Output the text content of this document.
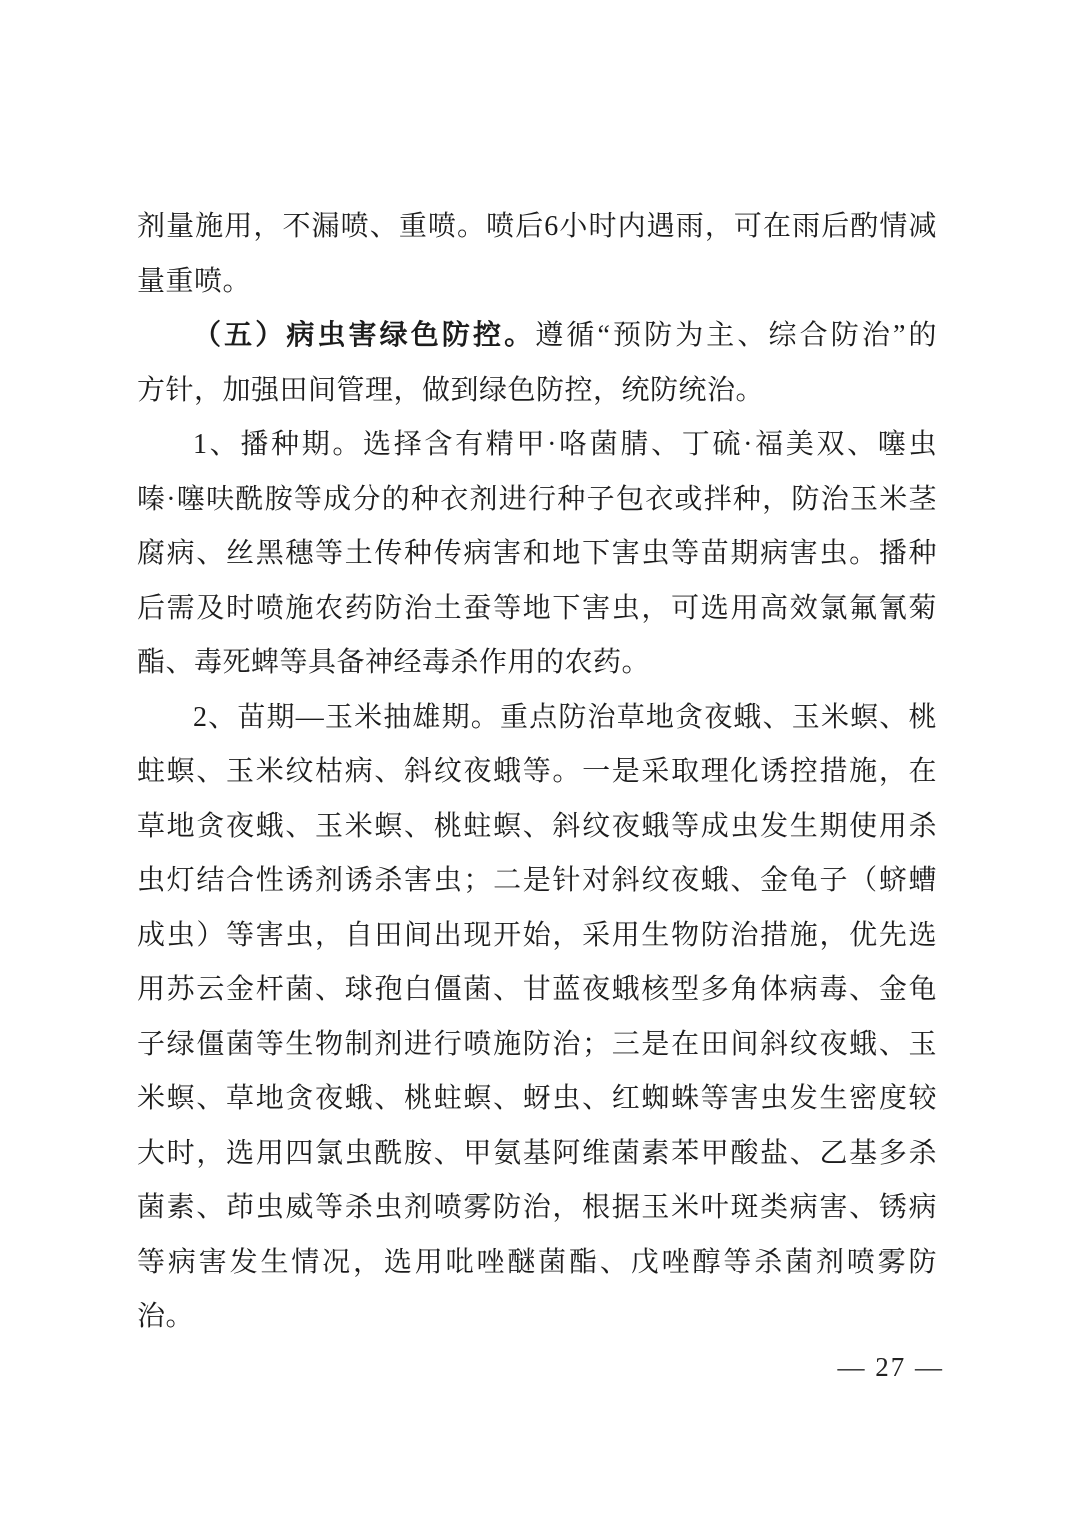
剂量施用，不漏喷、重喷。喷后6小时内遇雨，可在雨后酌情减
量重喷。
（五）病虫害绿色防控。遵循“预防为主、综合防治”的
方针，加强田间管理，做到绿色防控，统防统治。
1、播种期。选择含有精甲·咯菌腈、丁硫·福美双、噻虫
嗪·噻呋酰胺等成分的种衣剂进行种子包衣或拌种，防治玉米茎
腐病、丝黑穗等土传种传病害和地下害虫等苗期病害虫。播种
后需及时喷施农药防治土蚕等地下害虫，可选用高效氯氟氰菊
酯、毒死蜱等具备神经毒杀作用的农药。
2、苗期—玉米抽雄期。重点防治草地贪夜蛾、玉米螟、桃
蛀螟、玉米纹枯病、斜纹夜蛾等。一是采取理化诱控措施，在
草地贪夜蛾、玉米螟、桃蛀螟、斜纹夜蛾等成虫发生期使用杀
虫灯结合性诱剂诱杀害虫；二是针对斜纹夜蛾、金龟子（蛴螬
成虫）等害虫，自田间出现开始，采用生物防治措施，优先选
用苏云金杆菌、球孢白僵菌、甘蓝夜蛾核型多角体病毒、金龟
子绿僵菌等生物制剂进行喷施防治；三是在田间斜纹夜蛾、玉
米螟、草地贪夜蛾、桃蛀螟、蚜虫、红蜘蛛等害虫发生密度较
大时，选用四氯虫酰胺、甲氨基阿维菌素苯甲酸盐、乙基多杀
菌素、茚虫威等杀虫剂喷雾防治，根据玉米叶斑类病害、锈病
等病害发生情况，选用吡唑醚菌酯、戊唑醇等杀菌剂喷雾防
治。
— 27 —
